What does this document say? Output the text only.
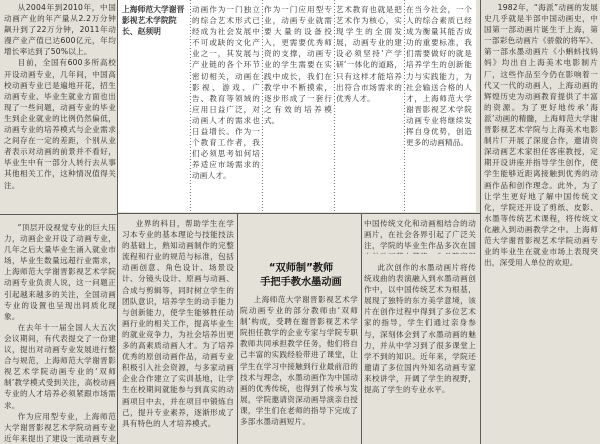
从2004年到2010年，中国动画产业的年产量从2.2万分钟飙升到了22万分钟，2011年动漫产业产值已达600亿元，年均增长率达到了50%以上。

目前，全国有600多所高校开设动画专业，几年间，中国高校动画专业已是遍地开花，招生动画专业、毕业生就业方面也出现了一些问题，动画专业的毕业生到企业就业的比例仍然偏低，动画专业的培养模式与企业需求之间存在一定的差距，个别从业者表示对动画的前景并不看好，毕业生中有一部分人转行去从事其他相关工作，这种情况值得关注。

“顶层开设视觉专业的巨大压力，动画企业开设了动画专业，几年之后大量毕业生涌入就业市场，毕业生数量远超行业需求，上海师范大学谢晋影视艺术学院动画专业负责人说，这一问题正引起越来越多的关注，全国动画专业的设置也呈现出同质化现象。

在去年十一届全国人大五次会议期间，有代表提交了一份建议，提出对动画专业发展进行整合与规范，上海师范大学谢晋影视艺术学院动画专业的‘双师制’教学模式受到关注，高校动画专业的人才培养必须紧跟市场需求。

作为应用型专业，上海师范大学谢晋影视艺术学院动画专业近年来提出了建设一流动画专业

上海师范大学谢晋影视艺术学院院长、赵须明

动画作为一门独立的综合艺术形式已经成为社会发展中不可或缺的文化产业之一，其发展与产业链的各个环节密切相关，动画在影视、游戏、广告、教育等领域的应用日益广泛，对动画人才的需求也日益增长。作为一个教育工作者，我们必须思考如何培养适应市场需求的动画人才。

作为一门应用型专业，动画专业就需要大量的设备投入，更需要优秀师资的支撑，动画专业的学生需要在实践中成长，我们在教学中不断摸索，逐步形成了一套行之有效的培养模式。

艺术教育也就是把艺术作为核心，实现学生的全面发展，动画专业的建设必须坚持‘产学研’一体化的道路，只有这样才能培养出符合市场需求的优秀人才。

在当今社会，一个人的综合素质已经成为衡量其能否成功的重要标准，我们需要做好的就是培养学生的创新能力与实践能力，为社会输送合格的人才，上海师范大学谢晋影视艺术学院动画专业将继续发挥自身优势，创造更多的动画精品。

业界的科目，帮助学生在学习本专业的基本理论与技能技法的基础上，熟知动画制作的完整流程和行业的规范与标准，包括动画创意、角色设计、场景设计、分镜头设计、原画与动画、合成与剪辑等，同时树立学生的团队意识，培养学生的动手能力与创新能力，使学生能够胜任动画行业的相关工作，提高毕业生的就业竞争力，为社会培养出更多的高素质动画人才。为了培养优秀的原创动画作品，动画专业积极引入社会资源，与多家动画企业合作建立了实训基地，让学生在校期间就能参与到真实的动画项目中去，并在项目中锻炼自己，提升专业素养，逐渐形成了具有特色的人才培养模式。

“双师制”教师
手把手教水墨动画

上海师范大学谢晋影视艺术学院动画专业的部分教师由‘双师制’构成，受聘在谢晋影视艺术学院担任教学的企业专家与学院专职教师共同承担教学任务，他们将自己丰富的实践经验带进了课堂，让学生在学习中接触到行业最前沿的技术与理念，水墨动画作为中国动画的优秀传统，也得到了传承与发展，学院邀请资深动画导演亲自授课，学生们在老师的指导下完成了多部水墨动画短片。

中国传统文化和动画相结合的动画片，在社会各界引起了广泛关注，学院的毕业生作品多次在国

此次创作的水墨动画片将传统戏曲的表演融入到水墨动画创作中，以中国传统艺术为根基，展现了独特的东方美学意境，该片在创作过程中得到了多位艺术家的指导，学生们通过亲身参与，深刻体会到了水墨动画的魅力，并从中学习到了很多课堂上学不到的知识。近年来，学院还邀请了多位国内外知名动画专家来校讲学，开阔了学生的视野，提高了学生的专业水平。

1982年，“海派”动画的发展史几乎就是半部中国动画史，中国第一部动画片诞生于上海，第一部彩色动画片《骄傲的将军》、第一部水墨动画片《小蝌蚪找妈妈》均出自上海美术电影制片厂，这些作品至今仍在影响着一代又一代的动画人，上海动画的辉煌历史为动画教育提供了丰富的资源。为了更好地传承‘海派’动画的精髓，上海师范大学谢晋影视艺术学院与上海美术电影制片厂开展了深度合作，邀请资深动画艺术家担任客座教授，定期开设讲座并指导学生创作，使学生能够近距离接触到优秀的动画作品和创作理念。此外，为了让学生更好地了解中国传统文化，学院还开设了剪纸、皮影、水墨等传统艺术课程，将传统文化融入到动画教学之中。上海师范大学谢晋影视艺术学院动画专业的毕业生在就业市场上表现突出，深受用人单位的欢迎。
